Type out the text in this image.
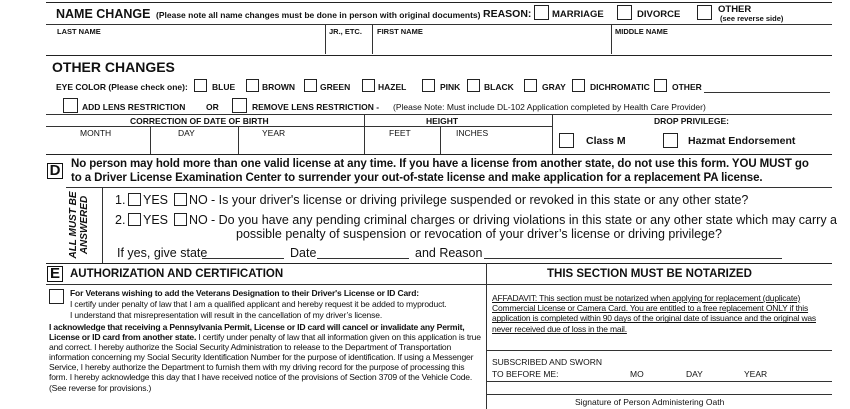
NAME CHANGE (Please note all name changes must be done in person with original documents) REASON: MARRIAGE	DIVORCE	OTHER
(see reverse side)
LAST NAME	JR., ETC. FIRST NAME	MIDDLE NAME
OTHER CHANGES
EYE COLOR (Please check one):	BLUE	BROWN	GREEN	HAZEL	PINK	BLACK	GRAY	DICHROMATIC	OTHER
ADD LENS RESTRICTION OR	REMOVE LENS RESTRICTION - (Please Note: Must include DL-102 Application completed by Health Care Provider)
CORRECTION OF DATE OF BIRTH
MONTH	DAY	YEAR
HEIGHT
FEET	INCHES
DROP PRIVILEGE:
Class M	Hazmat Endorsement
D No person may hold more than one valid license at any time. If you have a license from another state, do not use this form. YOU MUST go
to a Driver License Examination Center to surrender your out-of-state license and make application for a replacement PA license.
ALL MUST BE
ANSWERED 1. YES NO - Is your driver's license or driving privilege suspended or revoked in this state or any other state?
2. YES NO - Do you have any pending criminal charges or driving violations in this state or any other state which may carry a
possible penalty of suspension or revocation of your driver’s license or driving privilege?
If yes, give state	Date	and Reason
E AUTHORIZATION AND CERTIFICATION
For Veterans wishing to add the Veterans Designation to their Driver's License or ID Card:
I certify under penalty of law that I am a qualified applicant and hereby request it be added to myproduct.
I understand that misrepresentation will result in the cancellation of my driver’s license.
I acknowledge that receiving a Pennsylvania Permit, License or ID card will cancel or invalidate any Permit, License or ID card from another state. I certify under penalty of law that all information given on this application is true and correct. I hereby authorize the Social Security Administration to release to the Department of Transportation information concerning my Social Security Identification Number for the purpose of identification. If using a Messenger Service, I hereby authorize the Department to furnish them with my driving record for the purpose of processing this form. I hereby acknowledge this day that I have received notice of the provisions of Section 3709 of the Vehicle Code. (See reverse for provisions.)
THIS SECTION MUST BE NOTARIZED
AFFADAVIT: This section must be notarized when applying for replacement (duplicate) Commercial License or Camera Card. You are entitled to a free replacement ONLY if this application is completed within 90 days of the original date of issuance and the original was never received due of loss in the mail.
SUBSCRIBED AND SWORN
TO BEFORE ME:	MO	DAY	YEAR
Signature of Person Administering Oath
